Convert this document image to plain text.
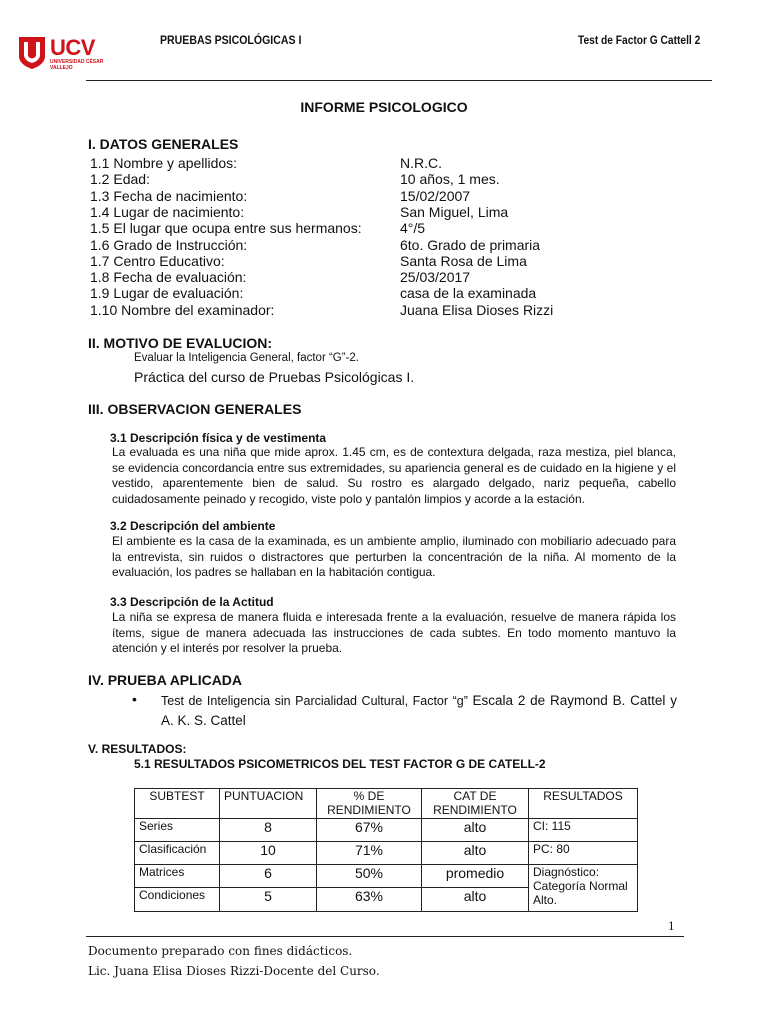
UCV
UNIVERSIDAD CÉSAR VALLEJO
PRUEBAS PSICOLÓGICAS I	Test de Factor G Cattell 2
INFORME PSICOLOGICO
I. DATOS GENERALES
1.1 Nombre y apellidos:	N.R.C.
1.2 Edad:	10 años, 1 mes.
1.3 Fecha de nacimiento:	15/02/2007
1.4 Lugar de nacimiento:	San Miguel, Lima
1.5 El lugar que ocupa entre sus hermanos:	4°/5
1.6 Grado de Instrucción:	6to. Grado de primaria
1.7 Centro Educativo:	Santa Rosa de Lima
1.8 Fecha de evaluación:	25/03/2017
1.9 Lugar de evaluación:	casa de la examinada
1.10 Nombre del examinador:	Juana Elisa Dioses Rizzi
II. MOTIVO DE EVALUCION:
Evaluar la Inteligencia General, factor “G”-2.
Práctica del curso de Pruebas Psicológicas I.
III. OBSERVACION GENERALES
3.1 Descripción física y de vestimenta
La evaluada es una niña que mide aprox. 1.45 cm, es de contextura delgada, raza mestiza, piel blanca, se evidencia concordancia entre sus extremidades, su apariencia general es de cuidado en la higiene y el vestido, aparentemente bien de salud. Su rostro es alargado delgado, nariz pequeña, cabello cuidadosamente peinado y recogido, viste polo y pantalón limpios y acorde a la estación.
3.2 Descripción del ambiente
El ambiente es la casa de la examinada, es un ambiente amplio, iluminado con mobiliario adecuado para la entrevista, sin ruidos o distractores que perturben la concentración de la niña. Al momento de la evaluación, los padres se hallaban en la habitación contigua.
3.3 Descripción de la Actitud
La niña se expresa de manera fluida e interesada frente a la evaluación, resuelve de manera rápida los ítems, sigue de manera adecuada las instrucciones de cada subtes. En todo momento mantuvo la atención y el interés por resolver la prueba.
IV. PRUEBA APLICADA
• Test de Inteligencia sin Parcialidad Cultural, Factor “g” Escala 2 de Raymond B. Cattel y A. K. S. Cattel
V. RESULTADOS:
5.1 RESULTADOS PSICOMETRICOS DEL TEST FACTOR G DE CATELL-2
SUBTEST	PUNTUACION	% DE RENDIMIENTO	CAT DE RENDIMIENTO	RESULTADOS
Series	8	67%	alto	CI: 115
Clasificación	10	71%	alto	PC: 80
Matrices	6	50%	promedio	Diagnóstico: Categoría Normal Alto.
Condiciones	5	63%	alto	
1
Documento preparado con fines didácticos.
Lic. Juana Elisa Dioses Rizzi-Docente del Curso.
